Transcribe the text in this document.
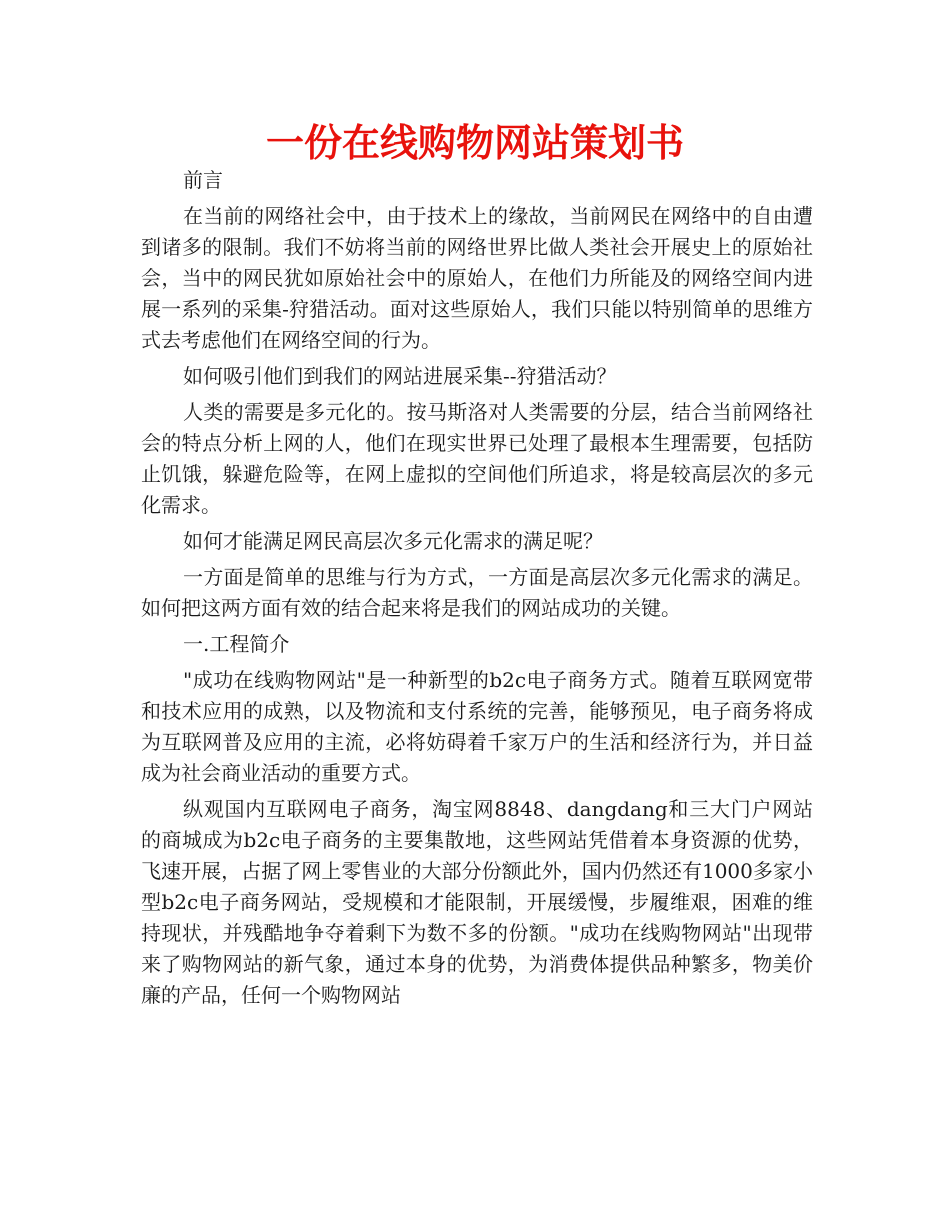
一份在线购物网站策划书

前言

在当前的网络社会中，由于技术上的缘故，当前网民在网络中的自由遭到诸多的限制。我们不妨将当前的网络世界比做人类社会开展史上的原始社会，当中的网民犹如原始社会中的原始人，在他们力所能及的网络空间内进展一系列的采集-狩猎活动。面对这些原始人，我们只能以特别简单的思维方式去考虑他们在网络空间的行为。

如何吸引他们到我们的网站进展采集--狩猎活动？

人类的需要是多元化的。按马斯洛对人类需要的分层，结合当前网络社会的特点分析上网的人，他们在现实世界已处理了最根本生理需要，包括防止饥饿，躲避危险等，在网上虚拟的空间他们所追求，将是较高层次的多元化需求。

如何才能满足网民高层次多元化需求的满足呢？

一方面是简单的思维与行为方式，一方面是高层次多元化需求的满足。如何把这两方面有效的结合起来将是我们的网站成功的关键。

一.工程简介

"成功在线购物网站"是一种新型的b2c电子商务方式。随着互联网宽带和技术应用的成熟，以及物流和支付系统的完善，能够预见，电子商务将成为互联网普及应用的主流，必将妨碍着千家万户的生活和经济行为，并日益成为社会商业活动的重要方式。

纵观国内互联网电子商务，淘宝网8848、dangdang和三大门户网站的商城成为b2c电子商务的主要集散地，这些网站凭借着本身资源的优势，飞速开展，占据了网上零售业的大部分份额此外，国内仍然还有1000多家小型b2c电子商务网站，受规模和才能限制，开展缓慢，步履维艰，困难的维持现状，并残酷地争夺着剩下为数不多的份额。"成功在线购物网站"出现带来了购物网站的新气象，通过本身的优势，为消费体提供品种繁多，物美价廉的产品，任何一个购物网站
